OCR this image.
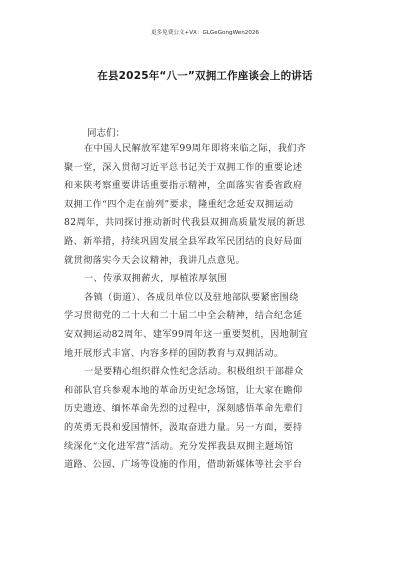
更多免费公文+VX：GLGeGongWen2026
在县2025年“八一”双拥工作座谈会上的讲话
同志们：
在中国人民解放军建军99周年即将来临之际，我们齐
聚一堂，深入贯彻习近平总书记关于双拥工作的重要论述
和来陕考察重要讲话重要指示精神，全面落实省委省政府
双拥工作“四个走在前列”要求，隆重纪念延安双拥运动
82周年，共同探讨推动新时代我县双拥高质量发展的新思
路、新举措，持续巩固发展全县军政军民团结的良好局面
就贯彻落实今天会议精神，我讲几点意见。
一、传承双拥薪火，厚植浓厚氛围
各镇（街道）、各成员单位以及驻地部队要紧密围绕
学习贯彻党的二十大和二十届二中全会精神，结合纪念延
安双拥运动82周年、建军99周年这一重要契机，因地制宜
地开展形式丰富、内容多样的国防教育与双拥活动。
一是要精心组织群众性纪念活动。积极组织干部群众
和部队官兵参观本地的革命历史纪念场馆，让大家在瞻仰
历史遗迹、缅怀革命先烈的过程中，深刻感悟革命先辈们
的英勇无畏和爱国情怀，汲取奋进力量。另一方面，要持
续深化“文化进军营”活动。充分发挥我县双拥主题场馆
道路、公园、广场等设施的作用，借助新媒体等社会平台
